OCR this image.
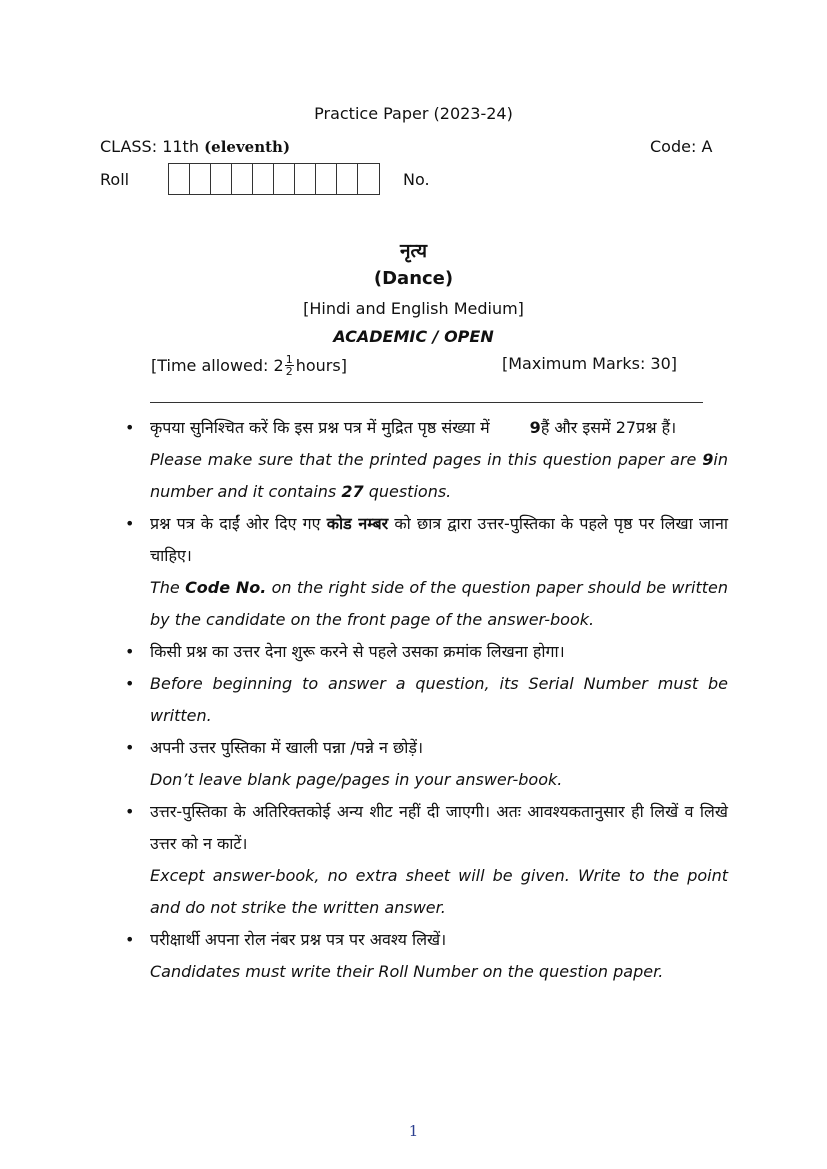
Practice Paper (2023-24)
CLASS: 11th (eleventh)	Code: A
Roll	No.
नृत्य
(Dance)
[Hindi and English Medium]
ACADEMIC / OPEN
[Time allowed: $2 \frac{1}{2}$ hours]	[Maximum Marks: 30]

• कृपया सुनिश्चित करें कि इस प्रश्न पत्र में मुद्रित पृष्ठ संख्या में	9हैं और इसमें 27प्रश्न हैं।

Please make sure that the printed pages in this question paper are 9in number and it contains 27 questions.

• प्रश्न पत्र के दाईं ओर दिए गए कोड नम्बर को छात्र द्वारा उत्तर-पुस्तिका के पहले पृष्ठ पर लिखा जाना चाहिए।

The Code No. on the right side of the question paper should be written by the candidate on the front page of the answer-book.

• किसी प्रश्न का उत्तर देना शुरू करने से पहले उसका क्रमांक लिखना होगा।

• Before beginning to answer a question, its Serial Number must be written.

• अपनी उत्तर पुस्तिका में खाली पन्ना /पन्ने न छोड़ें।

Don’t leave blank page/pages in your answer-book.

• उत्तर-पुस्तिका के अतिरिक्तकोई अन्य शीट नहीं दी जाएगी। अतः आवश्यकतानुसार ही लिखें व लिखे उत्तर को न काटें।

Except answer-book, no extra sheet will be given. Write to the point and do not strike the written answer.

• परीक्षार्थी अपना रोल नंबर प्रश्न पत्र पर अवश्य लिखें।

Candidates must write their Roll Number on the question paper.

1
